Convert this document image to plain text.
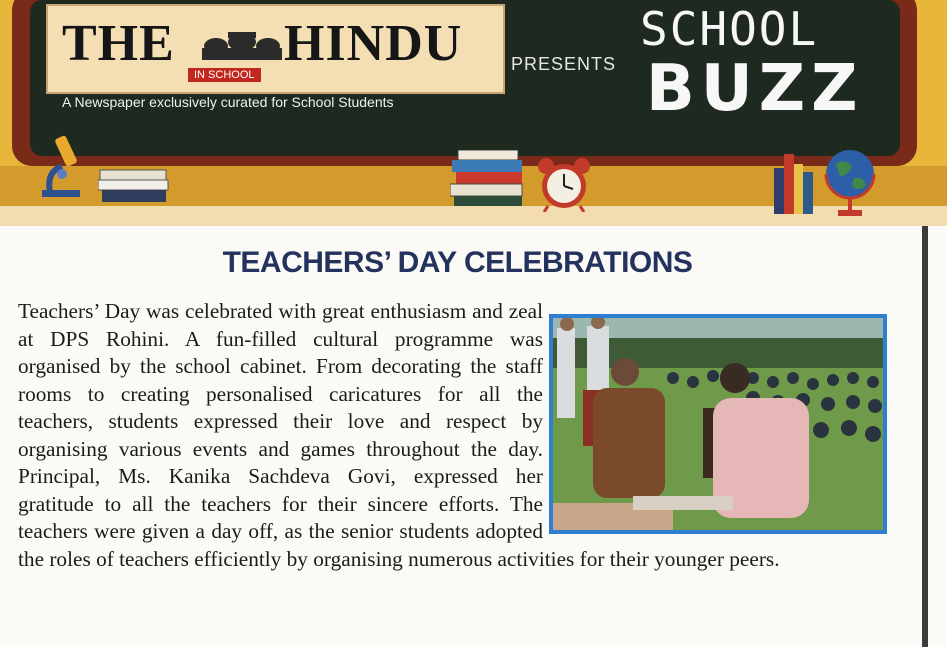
THE HINDU
IN SCHOOL
A Newspaper exclusively curated for School Students
PRESENTS
SCHOOL
BUZZ
TEACHERS’ DAY CELEBRATIONS

Teachers’ Day was celebrated with great enthusiasm and zeal at DPS Rohini. A fun-filled cultural programme was organised by the school cabinet. From decorating the staff rooms to creating personalised caricatures for all the teachers, students expressed their love and respect by organising various events and games throughout the day. Principal, Ms. Kanika Sachdeva Govi, expressed her gratitude to all the teachers for their sincere efforts. The teachers were given a day off, as the senior students adopted the roles of teachers efficiently by organising numerous activities for their younger peers.
